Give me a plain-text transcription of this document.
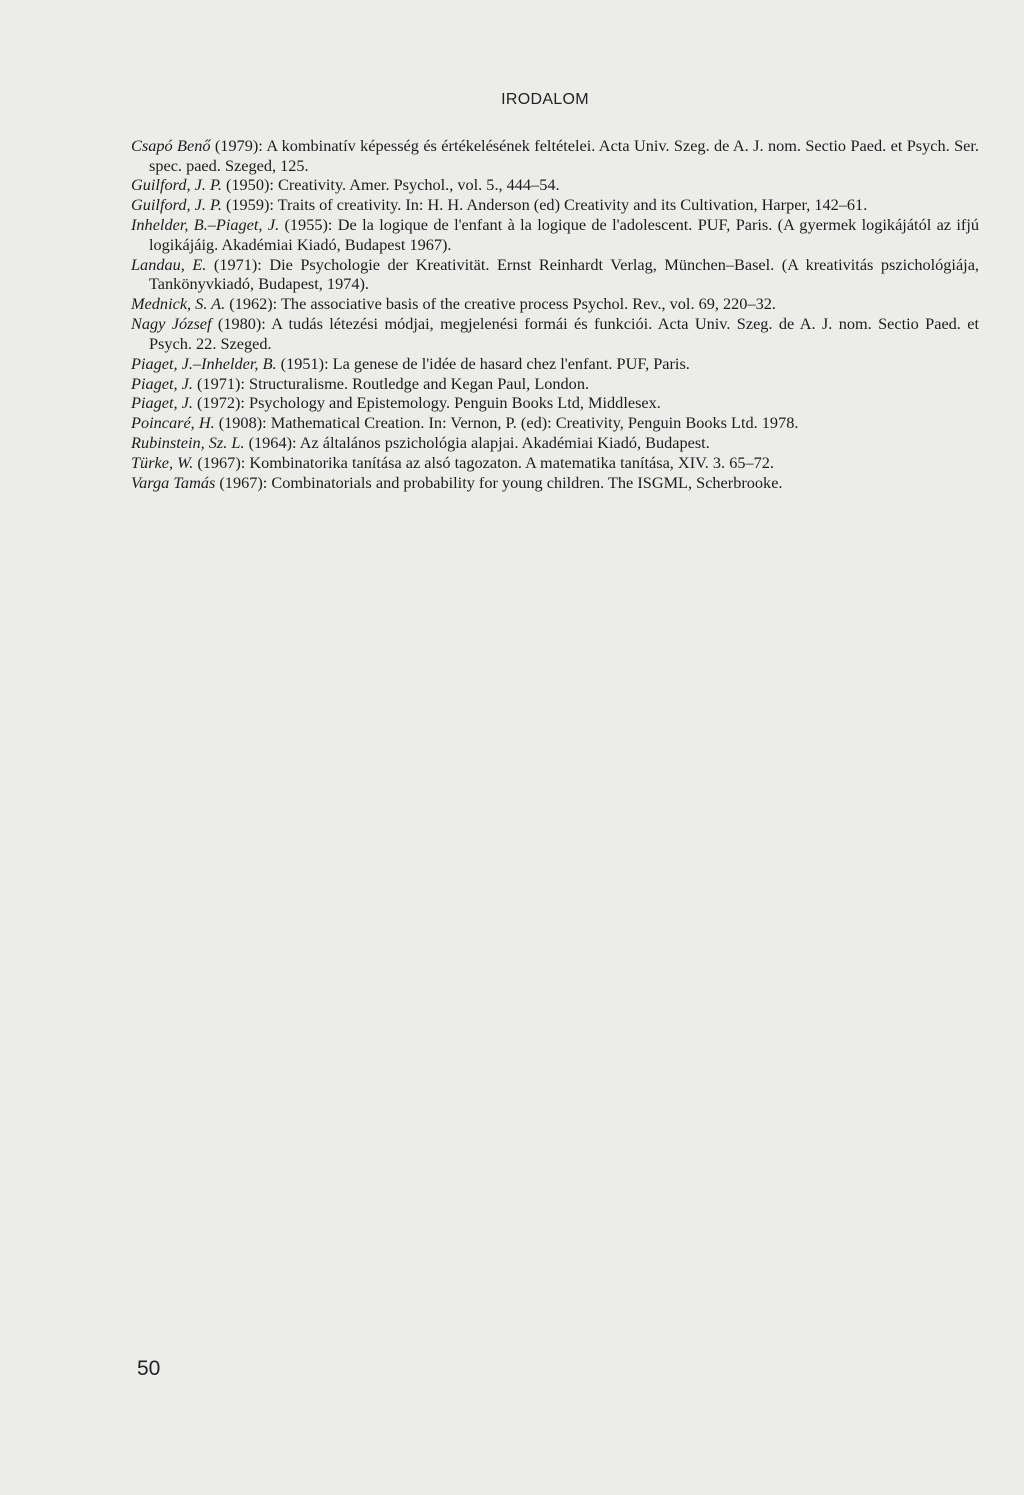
IRODALOM
Csapó Benő (1979): A kombinatív képesség és értékelésének feltételei. Acta Univ. Szeg. de A. J. nom. Sectio Paed. et Psych. Ser. spec. paed. Szeged, 125.
Guilford, J. P. (1950): Creativity. Amer. Psychol., vol. 5., 444–54.
Guilford, J. P. (1959): Traits of creativity. In: H. H. Anderson (ed) Creativity and its Cultivation, Harper, 142–61.
Inhelder, B.–Piaget, J. (1955): De la logique de l'enfant à la logique de l'adolescent. PUF, Paris. (A gyermek logikájától az ifjú logikájáig. Akadémiai Kiadó, Budapest 1967).
Landau, E. (1971): Die Psychologie der Kreativität. Ernst Reinhardt Verlag, München–Basel. (A kreativitás pszichológiája, Tankönyvkiadó, Budapest, 1974).
Mednick, S. A. (1962): The associative basis of the creative process Psychol. Rev., vol. 69, 220–32.
Nagy József (1980): A tudás létezési módjai, megjelenési formái és funkciói. Acta Univ. Szeg. de A. J. nom. Sectio Paed. et Psych. 22. Szeged.
Piaget, J.–Inhelder, B. (1951): La genese de l'idée de hasard chez l'enfant. PUF, Paris.
Piaget, J. (1971): Structuralisme. Routledge and Kegan Paul, London.
Piaget, J. (1972): Psychology and Epistemology. Penguin Books Ltd, Middlesex.
Poincaré, H. (1908): Mathematical Creation. In: Vernon, P. (ed): Creativity, Penguin Books Ltd. 1978.
Rubinstein, Sz. L. (1964): Az általános pszichológia alapjai. Akadémiai Kiadó, Budapest.
Türke, W. (1967): Kombinatorika tanítása az alsó tagozaton. A matematika tanítása, XIV. 3. 65–72.
Varga Tamás (1967): Combinatorials and probability for young children. The ISGML, Scherbrooke.
50
